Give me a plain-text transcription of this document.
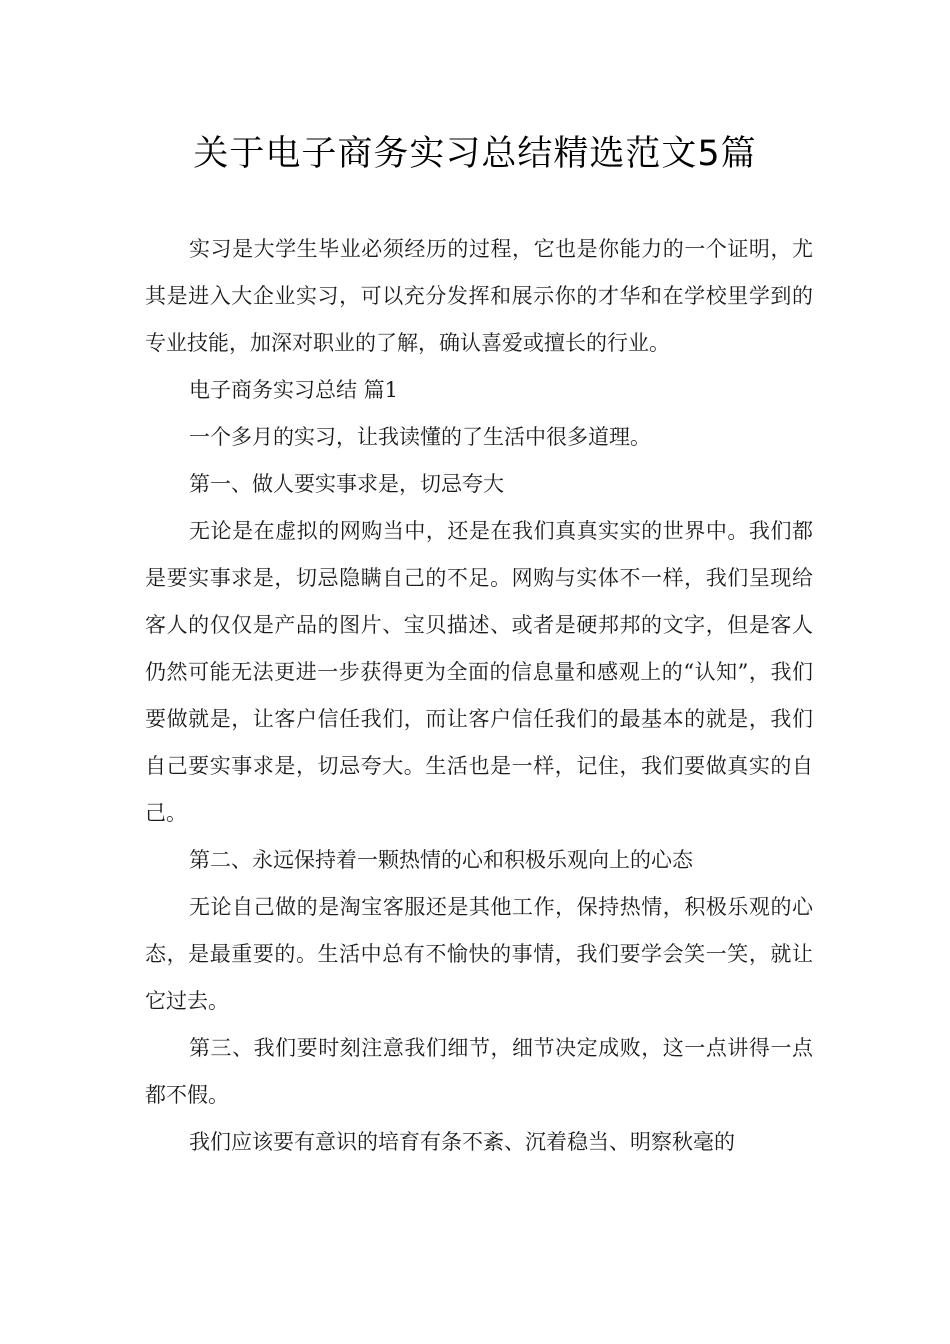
关于电子商务实习总结精选范文5篇

实习是大学生毕业必须经历的过程，它也是你能力的一个证明，尤其是进入大企业实习，可以充分发挥和展示你的才华和在学校里学到的专业技能，加深对职业的了解，确认喜爱或擅长的行业。

电子商务实习总结 篇1

一个多月的实习，让我读懂的了生活中很多道理。

第一、做人要实事求是，切忌夸大

无论是在虚拟的网购当中，还是在我们真真实实的世界中。我们都是要实事求是，切忌隐瞒自己的不足。网购与实体不一样，我们呈现给客人的仅仅是产品的图片、宝贝描述、或者是硬邦邦的文字，但是客人仍然可能无法更进一步获得更为全面的信息量和感观上的“认知”，我们要做就是，让客户信任我们，而让客户信任我们的最基本的就是，我们自己要实事求是，切忌夸大。生活也是一样，记住，我们要做真实的自己。

第二、永远保持着一颗热情的心和积极乐观向上的心态

无论自己做的是淘宝客服还是其他工作，保持热情，积极乐观的心态，是最重要的。生活中总有不愉快的事情，我们要学会笑一笑，就让它过去。

第三、我们要时刻注意我们细节，细节决定成败，这一点讲得一点都不假。

我们应该要有意识的培育有条不紊、沉着稳当、明察秋毫的
